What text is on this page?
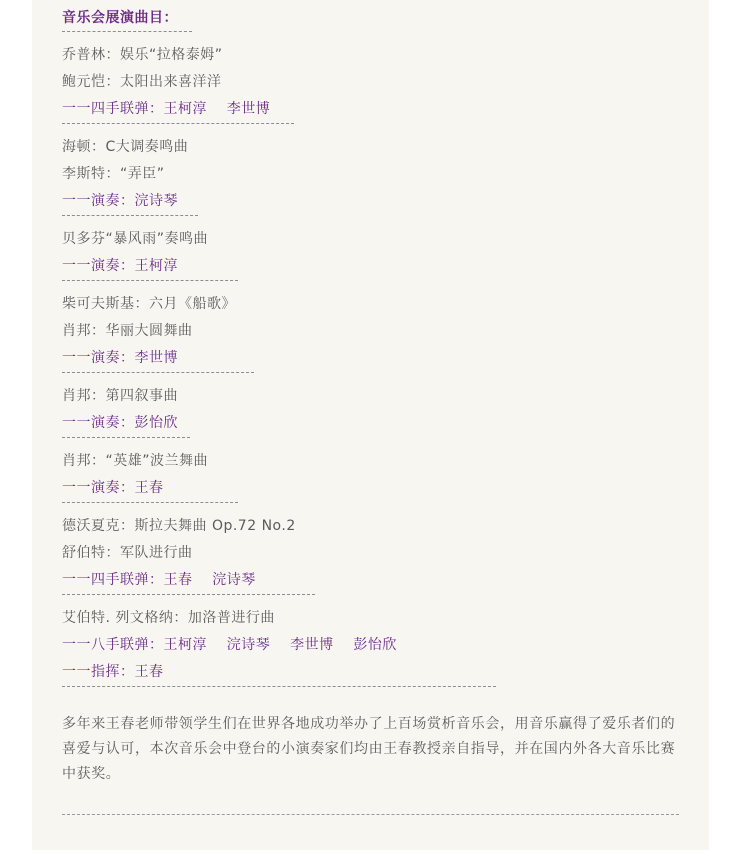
音乐会展演曲目：
乔普林：娱乐“拉格泰姆”
鲍元恺：太阳出来喜洋洋
一一四手联弹：王柯淳    李世博
海顿：C大调奏鸣曲
李斯特：“弄臣”
一一演奏：浣诗琴
贝多芬“暴风雨”奏鸣曲
一一演奏：王柯淳
柴可夫斯基：六月《船歌》
肖邦：华丽大圆舞曲
一一演奏：李世博
肖邦：第四叙事曲
一一演奏：彭怡欣
肖邦：“英雄”波兰舞曲
一一演奏：王春
德沃夏克：斯拉夫舞曲 Op.72 No.2
舒伯特：军队进行曲
一一四手联弹：王春    浣诗琴
艾伯特. 列文格纳：加洛普进行曲
一一八手联弹：王柯淳    浣诗琴    李世博    彭怡欣
一一指挥：王春
多年来王春老师带领学生们在世界各地成功举办了上百场赏析音乐会，用音乐赢得了爱乐者们的喜爱与认可，本次音乐会中登台的小演奏家们均由王春教授亲自指导，并在国内外各大音乐比赛中获奖。
